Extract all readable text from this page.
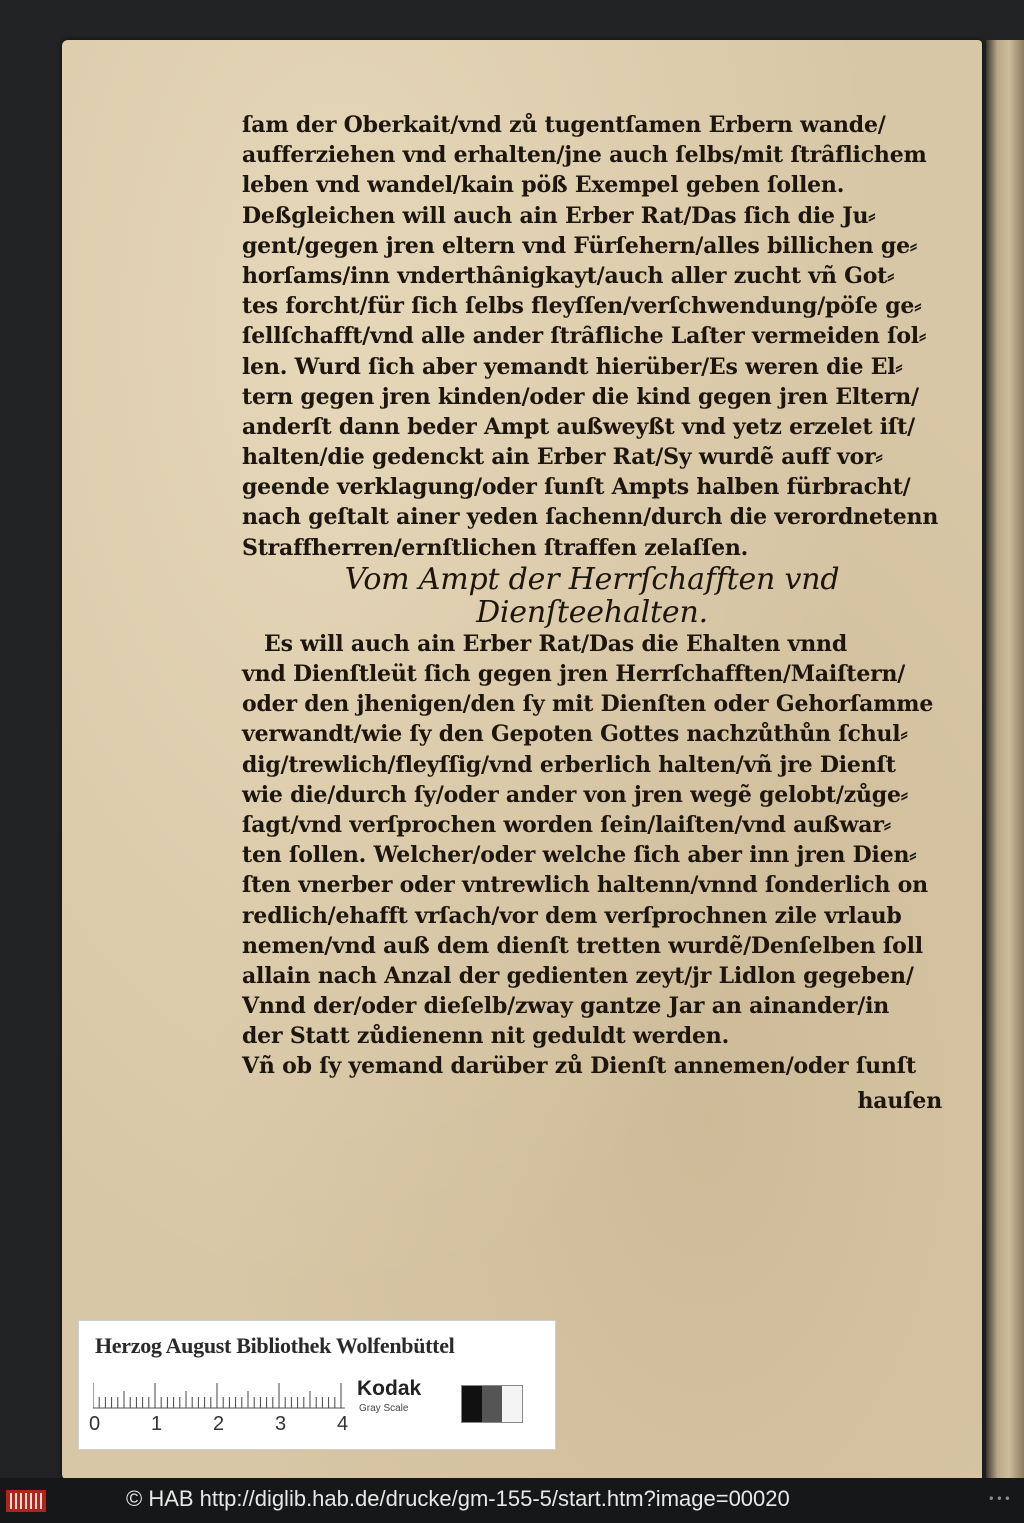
ſam der Oberkait/vnd zů tugentſamen Erbern wande/
aufferziehen vnd erhalten/jne auch ſelbs/mit ſtrȃflichem
leben vnd wandel/kain pöß Exempel geben ſollen.
Deßgleichen will auch ain Erber Rat/Das ſich die Ju⸗
gent/gegen jren eltern vnd Fürſehern/alles billichen ge⸗
horſams/inn vnderthȃnigkayt/auch aller zucht vñ Got⸗
tes forcht/für ſich ſelbs fleyſſen/verſchwendung/pöſe ge⸗
ſellſchafft/vnd alle ander ſtrȃfliche Laſter vermeiden ſol⸗
len. Wurd ſich aber yemandt hierüber/Es weren die El⸗
tern gegen jren kinden/oder die kind gegen jren Eltern/
anderſt dann beder Ampt außweyßt vnd yetz erzelet iſt/
halten/die gedenckt ain Erber Rat/Sy wurdẽ auff vor⸗
geende verklagung/oder ſunſt Ampts halben fürbracht/
nach geſtalt ainer yeden ſachenn/durch die verordnetenn
Straffherren/ernſtlichen ſtraffen zelaſſen.
Vom Ampt der Herrſchafften vnd
Dienſteehalten.
Es will auch ain Erber Rat/Das die Ehalten vnnd
vnd Dienſtleüt ſich gegen jren Herrſchafften/Maiſtern/
oder den jhenigen/den ſy mit Dienſten oder Gehorſamme
verwandt/wie ſy den Gepoten Gottes nachzůthůn ſchul⸗
dig/trewlich/fleyſſig/vnd erberlich halten/vñ jre Dienſt
wie die/durch ſy/oder ander von jren wegẽ gelobt/zůge⸗
ſagt/vnd verſprochen worden ſein/laiſten/vnd außwar⸗
ten ſollen. Welcher/oder welche ſich aber inn jren Dien⸗
ſten vnerber oder vntrewlich haltenn/vnnd ſonderlich on
redlich/ehafft vrſach/vor dem verſprochnen zile vrlaub
nemen/vnd auß dem dienſt tretten wurdẽ/Denſelben ſoll
allain nach Anzal der gedienten zeyt/jr Lidlon gegeben/
Vnnd der/oder dieſelb/zway gantze Jar an ainander/in
der Statt zůdienenn nit geduldt werden.
Vñ ob ſy yemand darüber zů Dienſt annemen/oder ſunſt
hauſen
Herzog August Bibliothek Wolfenbüttel
0	1	2	3	4
Kodak
Gray Scale
© HAB http://diglib.hab.de/drucke/gm-155-5/start.htm?image=00020	•••
